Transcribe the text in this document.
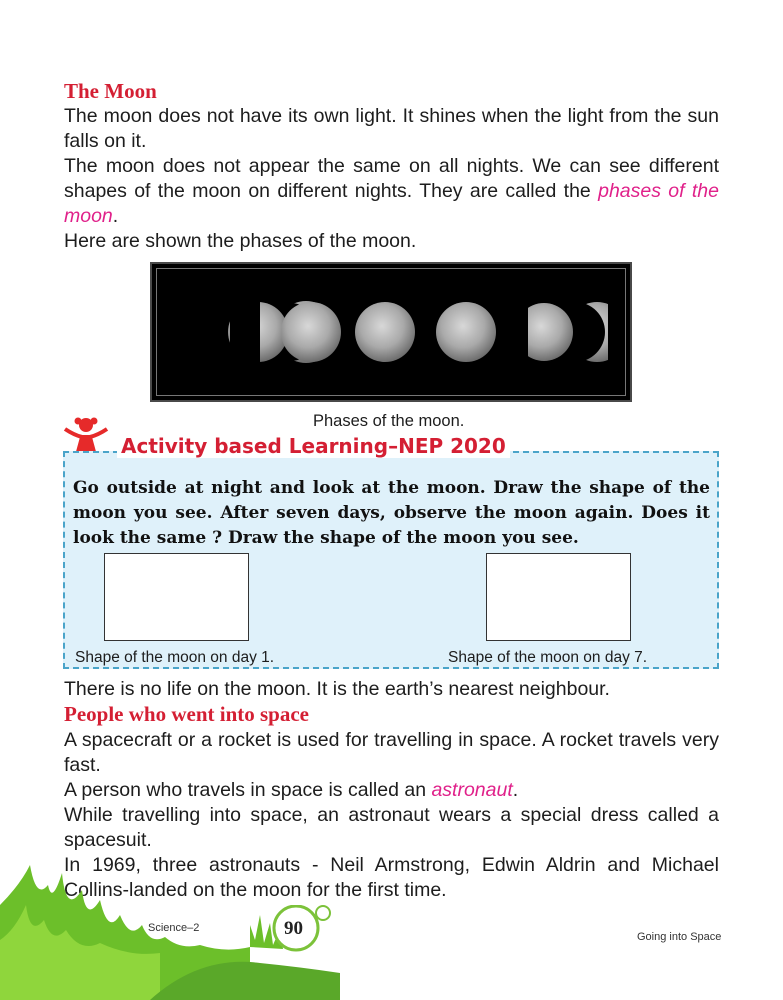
The Moon
The moon does not have its own light. It shines when the light from the sun falls on it.
The moon does not appear the same on all nights. We can see different shapes of the moon on different nights. They are called the phases of the moon.
Here are shown the phases of the moon.
Phases of the moon.
Activity based Learning–NEP 2020
Go outside at night and look at the moon. Draw the shape of the moon you see. After seven days, observe the moon again. Does it look the same ? Draw the shape of the moon you see.
Shape of the moon on day 1.	Shape of the moon on day 7.
There is no life on the moon. It is the earth’s nearest neighbour.
People who went into space
A spacecraft or a rocket is used for travelling in space. A rocket travels very fast.
A person who travels in space is called an astronaut.
While travelling into space, an astronaut wears a special dress called a spacesuit.
In 1969, three astronauts - Neil Armstrong, Edwin Aldrin and Michael Collins-landed on the moon for the first time.
Science–2	90	Going into Space
